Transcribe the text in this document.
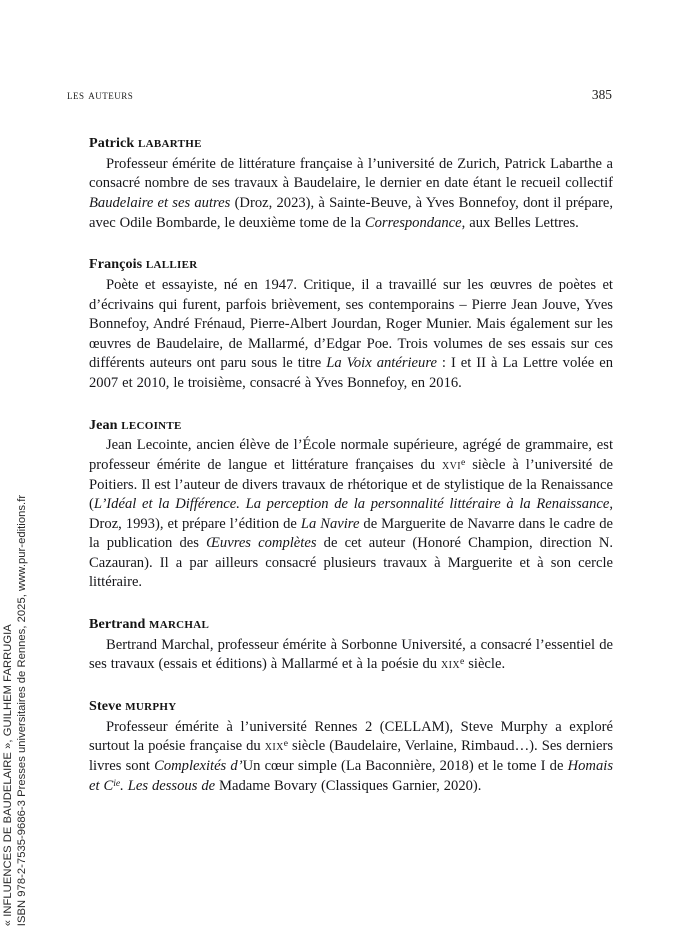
les auteurs	385
Patrick labarthe

Professeur émérite de littérature française à l’université de Zurich, Patrick Labarthe a consacré nombre de ses travaux à Baudelaire, le dernier en date étant le recueil collectif Baudelaire et ses autres (Droz, 2023), à Sainte-Beuve, à Yves Bonnefoy, dont il prépare, avec Odile Bombarde, le deuxième tome de la Correspondance, aux Belles Lettres.

François lallier

Poète et essayiste, né en 1947. Critique, il a travaillé sur les œuvres de poètes et d’écrivains qui furent, parfois brièvement, ses contemporains – Pierre Jean Jouve, Yves Bonnefoy, André Frénaud, Pierre-Albert Jourdan, Roger Munier. Mais également sur les œuvres de Baudelaire, de Mallarmé, d’Edgar Poe. Trois volumes de ses essais sur ces différents auteurs ont paru sous le titre La Voix antérieure : I et II à La Lettre volée en 2007 et 2010, le troisième, consacré à Yves Bonnefoy, en 2016.

Jean lecointe

Jean Lecointe, ancien élève de l’École normale supérieure, agrégé de grammaire, est professeur émérite de langue et littérature françaises du xvi$^e$ siècle à l’université de Poitiers. Il est l’auteur de divers travaux de rhétorique et de stylistique de la Renaissance (L’Idéal et la Différence. La perception de la personnalité littéraire à la Renaissance, Droz, 1993), et prépare l’édition de La Navire de Marguerite de Navarre dans le cadre de la publication des Œuvres complètes de cet auteur (Honoré Champion, direction N. Cazauran). Il a par ailleurs consacré plusieurs travaux à Marguerite et à son cercle littéraire.

Bertrand marchal

Bertrand Marchal, professeur émérite à Sorbonne Université, a consacré l’essentiel de ses travaux (essais et éditions) à Mallarmé et à la poésie du xix$^e$ siècle.

Steve murphy

Professeur émérite à l’université Rennes 2 (CELLAM), Steve Murphy a exploré surtout la poésie française du xix$^e$ siècle (Baudelaire, Verlaine, Rimbaud…). Ses derniers livres sont Complexités d’Un cœur simple (La Baconnière, 2018) et le tome I de Homais et $C^{ie}$. Les dessous de Madame Bovary (Classiques Garnier, 2020).

« INFLUENCES DE BAUDELAIRE », GUILHEM FARRUGIA ISBN 978-2-7535-9686-3 Presses universitaires de Rennes, 2025, www.pur-editions.fr
